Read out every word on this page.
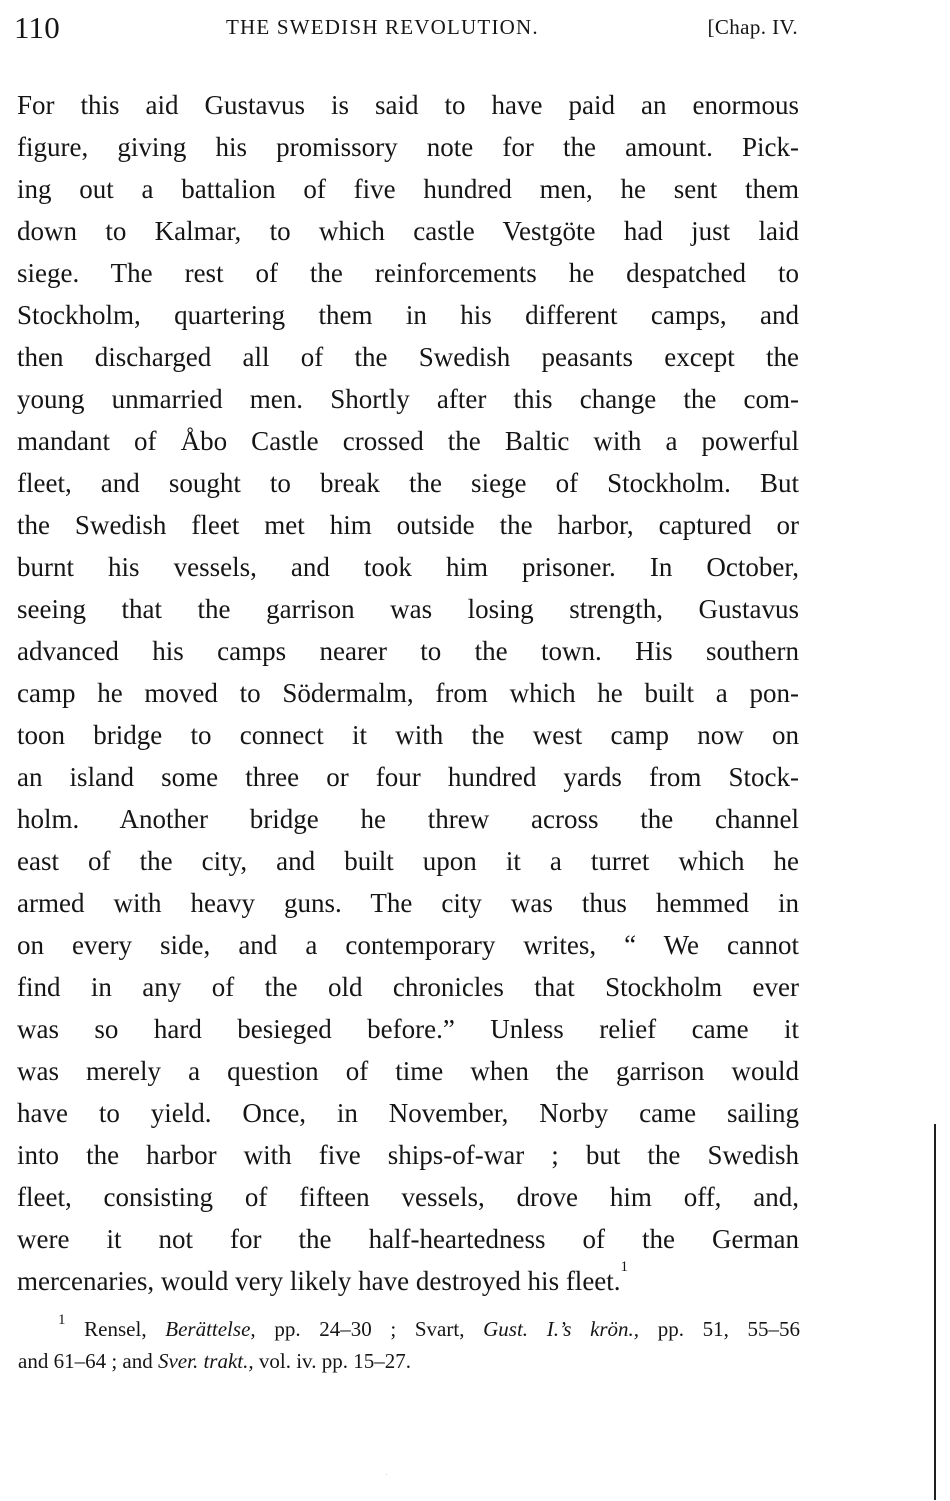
110	THE SWEDISH REVOLUTION.	[Chap. IV.
For this aid Gustavus is said to have paid an enormous
figure, giving his promissory note for the amount. Pick-
ing out a battalion of five hundred men, he sent them
down to Kalmar, to which castle Vestgöte had just laid
siege. The rest of the reinforcements he despatched to
Stockholm, quartering them in his different camps, and
then discharged all of the Swedish peasants except the
young unmarried men. Shortly after this change the com-
mandant of Åbo Castle crossed the Baltic with a powerful
fleet, and sought to break the siege of Stockholm. But
the Swedish fleet met him outside the harbor, captured or
burnt his vessels, and took him prisoner. In October,
seeing that the garrison was losing strength, Gustavus
advanced his camps nearer to the town. His southern
camp he moved to Södermalm, from which he built a pon-
toon bridge to connect it with the west camp now on
an island some three or four hundred yards from Stock-
holm. Another bridge he threw across the channel
east of the city, and built upon it a turret which he
armed with heavy guns. The city was thus hemmed in
on every side, and a contemporary writes, “ We cannot
find in any of the old chronicles that Stockholm ever
was so hard besieged before.” Unless relief came it
was merely a question of time when the garrison would
have to yield. Once, in November, Norby came sailing
into the harbor with five ships-of-war ; but the Swedish
fleet, consisting of fifteen vessels, drove him off, and,
were it not for the half-heartedness of the German
mercenaries, would very likely have destroyed his fleet.$^1$
$^1$ Rensel, Berättelse, pp. 24–30 ; Svart, Gust. I.’s krön., pp. 51, 55–56
and 61–64 ; and Sver. trakt., vol. iv. pp. 15–27.
